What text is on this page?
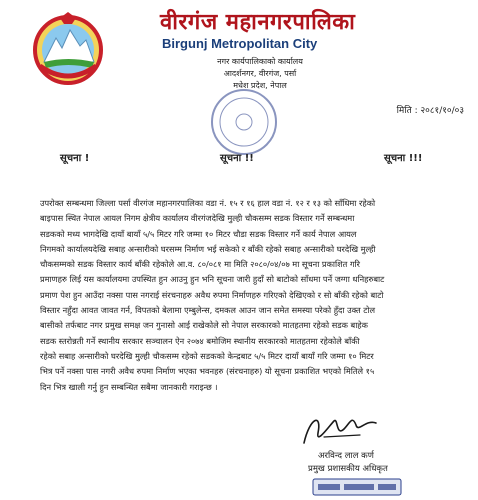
वीरगंज महानगरपालिका
Birgunj Metropolitan City
नगर कार्यपालिकाको कार्यालय
आदर्शनगर, वीरगंज, पर्सा
मधेश प्रदेश, नेपाल
मिति : २०८१/१०/०३
सूचना !	सूचना !!	सूचना !!!
उपरोक्त सम्बन्धमा जिल्ला पर्सा वीरगंज महानगरपालिका वडा नं. १५ र १६ हाल वडा नं. १२ र १३ को साँधिमा रहेको
बाइपास स्थित नेपाल आयल निगम क्षेत्रीय कार्यालय वीरगंजदेखि मुल्ही चौकसम्म सडक विस्तार गर्ने सम्बन्धमा
सडकको मध्य भागदेखि दायाँ बायाँ ५/५ मिटर गरि जम्मा १० मिटर चौडा सडक विस्तार गर्ने कार्य नेपाल आयल
निगमको कार्यालयदेखि सबाह अन्सारीको घरसम्म निर्माण भई सकेको र बाँकी रहेको सबाह अन्सारीको घरदेखि मुल्ही
चौकसम्मको सडक विस्तार कार्य बाँकी रहेकोले आ.व. ८०/०८१ मा मिति २०८०/०४/०७ मा सूचना प्रकाशित गरि
प्रमाणहरु लिई यस कार्यालयमा उपस्थित हुन आउनु हुन भनि सूचना जारी हुदाँ सो बाटोको साँधमा पर्ने जग्गा धनिहरुबाट
प्रमाण पेश हुन आउँदा नक्सा पास नगराई संरचनाहरु अवैध रुपमा निर्माणहरु गरिएको देखिएकाे र सो बाँकी रहेको बाटो
विस्तार नहुँदा आवत जावत गर्न, विपतको बेलामा एम्बुलेन्स, दमकल आउन जान समेत समस्या परेको हुँदा उक्त टोल
बासीको तर्फबाट नगर प्रमुख समक्ष जन गुनासो आई राखेकोले सो नेपाल सरकारको मातहतमा रहेको सडक बाहेक
सडक स्तरोन्नती गर्ने स्थानीय सरकार सञ्चालन ऐन २०७४ बमोजिम स्थानीय सरकारको मातहतमा रहेकोले बाँकी
रहेको सबाह अन्सारीको घरदेखि मुल्ही चौकसम्म रहेको सडकको केन्द्रबाट ५/५ मिटर दायाँ बायाँ गरि जम्मा १० मिटर
भित्र पर्ने नक्सा पास नगरी अवैध रुपमा निर्माण भएका भवनहरु (संरचनाहरु) यो सूचना प्रकाशित भएको मितिले १५
दिन भित्र खाली गर्नु हुन सम्बन्धित सबैमा जानकारी गराइन्छ ।
अरविन्द लाल कर्ण
प्रमुख प्रशासकीय अधिकृत
